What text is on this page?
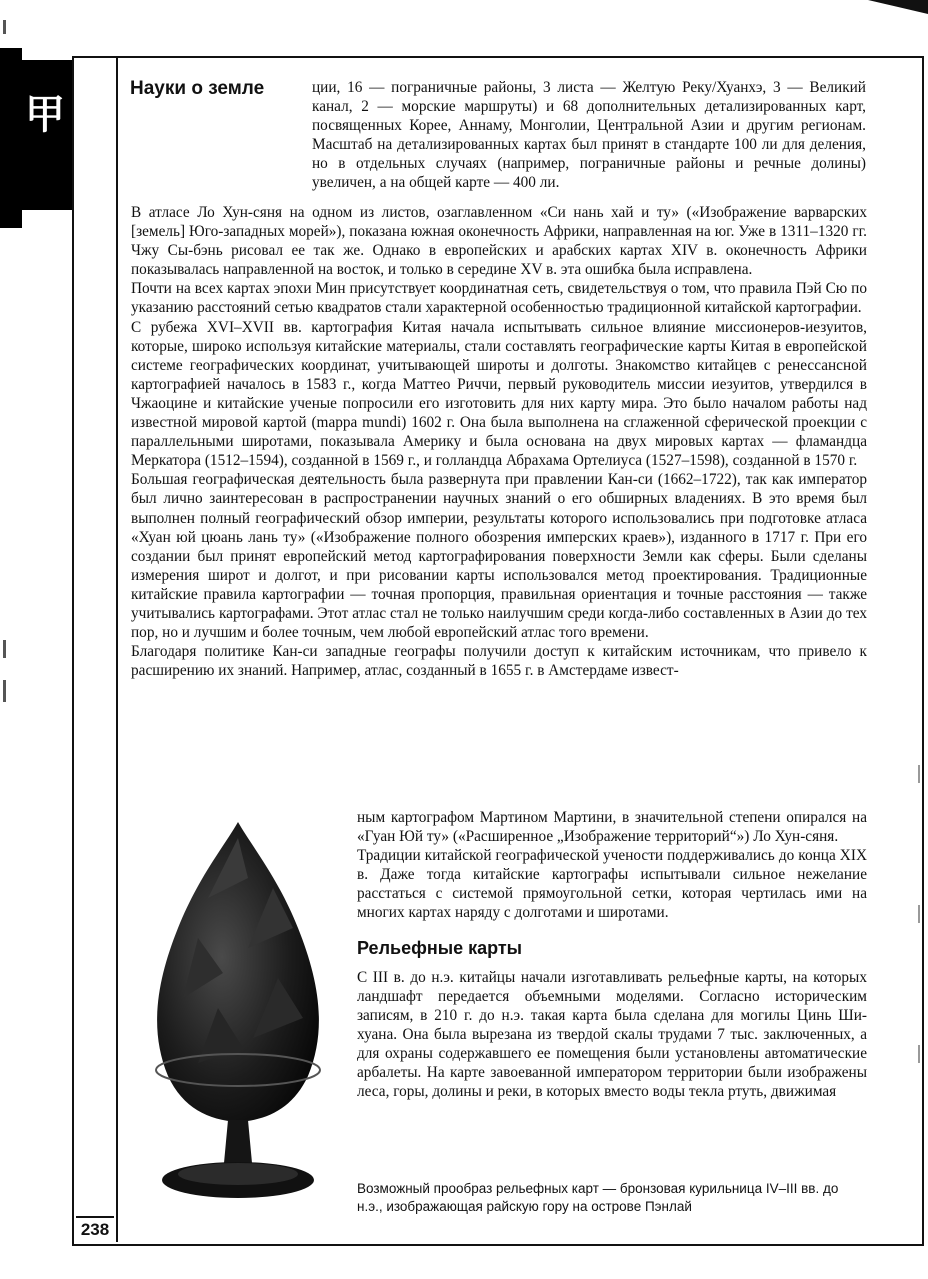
甲
238
Науки о земле	ции, 16 — пограничные районы, 3 листа — Желтую Реку/Хуанхэ, 3 — Великий канал, 2 — морские маршруты) и 68 дополнительных детализированных карт, посвященных Корее, Аннаму, Монголии, Центральной Азии и другим регионам. Масштаб на детализированных картах был принят в стандарте 100 ли для деления, но в отдельных случаях (например, пограничные районы и речные долины) увеличен, а на общей карте — 400 ли.

В атласе Ло Хун-сяня на одном из листов, озаглавленном «Си нань хай и ту» («Изображение варварских [земель] Юго-западных морей»), показана южная оконечность Африки, направленная на юг. Уже в 1311–1320 гг. Чжу Сы-бэнь рисовал ее так же. Однако в европейских и арабских картах XIV в. оконечность Африки показывалась направленной на восток, и только в середине XV в. эта ошибка была исправлена.

Почти на всех картах эпохи Мин присутствует координатная сеть, свидетельствуя о том, что правила Пэй Сю по указанию расстояний сетью квадратов стали характерной особенностью традиционной китайской картографии.

С рубежа XVI–XVII вв. картография Китая начала испытывать сильное влияние миссионеров-иезуитов, которые, широко используя китайские материалы, стали составлять географические карты Китая в европейской системе географических координат, учитывающей широты и долготы. Знакомство китайцев с ренессансной картографией началось в 1583 г., когда Маттео Риччи, первый руководитель миссии иезуитов, утвердился в Чжаоцине и китайские ученые попросили его изготовить для них карту мира. Это было началом работы над известной мировой картой (mappa mundi) 1602 г. Она была выполнена на сглаженной сферической проекции с параллельными широтами, показывала Америку и была основана на двух мировых картах — фламандца Меркатора (1512–1594), созданной в 1569 г., и голландца Абрахама Ортелиуса (1527–1598), созданной в 1570 г.

Большая географическая деятельность была развернута при правлении Кан-си (1662–1722), так как император был лично заинтересован в распространении научных знаний о его обширных владениях. В это время был выполнен полный географический обзор империи, результаты которого использовались при подготовке атласа «Хуан юй цюань лань ту» («Изображение полного обозрения имперских краев»), изданного в 1717 г. При его создании был принят европейский метод картографирования поверхности Земли как сферы. Были сделаны измерения широт и долгот, и при рисовании карты использовался метод проектирования. Традиционные китайские правила картографии — точная пропорция, правильная ориентация и точные расстояния — также учитывались картографами. Этот атлас стал не только наилучшим среди когда-либо составленных в Азии до тех пор, но и лучшим и более точным, чем любой европейский атлас того времени.

Благодаря политике Кан-си западные географы получили доступ к китайским источникам, что привело к расширению их знаний. Например, атлас, созданный в 1655 г. в Амстердаме извест-

ным картографом Мартином Мартини, в значительной степени опирался на «Гуан Юй ту» («Расширенное „Изображение территорий“») Ло Хун-сяня.

Традиции китайской географической учености поддерживались до конца XIX в. Даже тогда китайские картографы испытывали сильное нежелание расстаться с системой прямоугольной сетки, которая чертилась ими на многих картах наряду с долготами и широтами.

Рельефные карты

С III в. до н.э. китайцы начали изготавливать рельефные карты, на которых ландшафт передается объемными моделями. Согласно историческим записям, в 210 г. до н.э. такая карта была сделана для могилы Цинь Ши-хуана. Она была вырезана из твердой скалы трудами 7 тыс. заключенных, а для охраны содержавшего ее помещения были установлены автоматические арбалеты. На карте завоеванной императором территории были изображены леса, горы, долины и реки, в которых вместо воды текла ртуть, движимая

Возможный прообраз рельефных карт — бронзовая курильница IV–III вв. до н.э., изображающая райскую гору на острове Пэнлай
